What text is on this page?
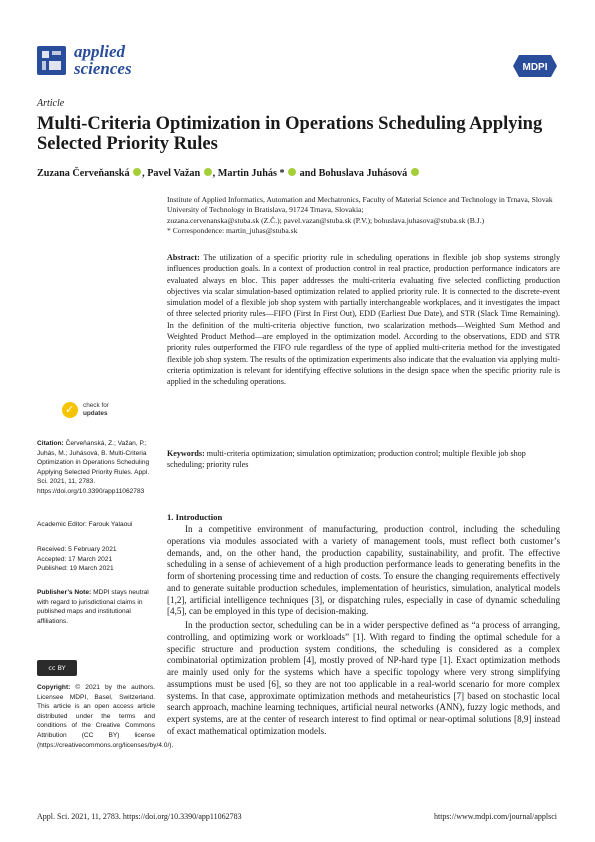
applied
sciences	MDPI
Article
Multi-Criteria Optimization in Operations Scheduling Applying Selected Priority Rules
Zuzana Červeňanská , Pavel Važan , Martin Juhás * and Bohuslava Juhásová
Institute of Applied Informatics, Automation and Mechatronics, Faculty of Material Science and Technology in Trnava, Slovak University of Technology in Bratislava, 91724 Trnava, Slovakia;
zuzana.cervenanska@stuba.sk (Z.Č.); pavel.vazan@stuba.sk (P.V.); bohuslava.juhasova@stuba.sk (B.J.)
* Correspondence: martin_juhas@stuba.sk
Abstract: The utilization of a specific priority rule in scheduling operations in flexible job shop systems strongly influences production goals. In a context of production control in real practice, production performance indicators are evaluated always en bloc. This paper addresses the multi-criteria evaluating five selected conflicting production objectives via scalar simulation-based optimization related to applied priority rule. It is connected to the discrete-event simulation model of a flexible job shop system with partially interchangeable workplaces, and it investigates the impact of three selected priority rules—FIFO (First In First Out), EDD (Earliest Due Date), and STR (Slack Time Remaining). In the definition of the multi-criteria objective function, two scalarization methods—Weighted Sum Method and Weighted Product Method—are employed in the optimization model. According to the observations, EDD and STR priority rules outperformed the FIFO rule regardless of the type of applied multi-criteria method for the investigated flexible job shop system. The results of the optimization experiments also indicate that the evaluation via applying multi-criteria optimization is relevant for identifying effective solutions in the design space when the specific priority rule is applied in the scheduling operations.
Keywords: multi-criteria optimization; simulation optimization; production control; multiple flexible job shop scheduling; priority rules
1. Introduction

In a competitive environment of manufacturing, production control, including the scheduling operations via modules associated with a variety of management tools, must reflect both customer’s demands, and, on the other hand, the production capability, sustainability, and profit. The effective scheduling in a sense of achievement of a high production performance leads to generating benefits in the form of shortening processing time and reduction of costs. To ensure the changing requirements effectively and to generate suitable production schedules, implementation of heuristics, simulation, analytical models [1,2], artificial intelligence techniques [3], or dispatching rules, especially in case of dynamic scheduling [4,5], can be employed in this type of decision-making.

In the production sector, scheduling can be in a wider perspective defined as “a process of arranging, controlling, and optimizing work or workloads” [1]. With regard to finding the optimal schedule for a specific structure and production system conditions, the scheduling is considered as a complex combinatorial optimization problem [4], mostly proved of NP-hard type [1]. Exact optimization methods are mainly used only for the systems which have a specific topology where very strong simplifying assumptions must be used [6], so they are not too applicable in a real-world scenario for more complex systems. In that case, approximate optimization methods and metaheuristics [7] based on stochastic local search approach, machine learning techniques, artificial neural networks (ANN), fuzzy logic methods, and expert systems, are at the center of research interest to find optimal or near-optimal solutions [8,9] instead of exact mathematical optimization models.

✓ check for
updates
Citation: Červeňanská, Z.; Važan, P.; Juhás, M.; Juhásová, B. Multi-Criteria Optimization in Operations Scheduling Applying Selected Priority Rules. Appl. Sci. 2021, 11, 2783. https://doi.org/10.3390/app11062783
Academic Editor: Farouk Yalaoui
Received: 5 February 2021
Accepted: 17 March 2021
Published: 19 March 2021
Publisher’s Note: MDPI stays neutral with regard to jurisdictional claims in published maps and institutional affiliations.
cc BY
Copyright: © 2021 by the authors. Licensee MDPI, Basel, Switzerland. This article is an open access article distributed under the terms and conditions of the Creative Commons Attribution (CC BY) license (https://creativecommons.org/licenses/by/4.0/).
Appl. Sci. 2021, 11, 2783. https://doi.org/10.3390/app11062783	https://www.mdpi.com/journal/applsci
